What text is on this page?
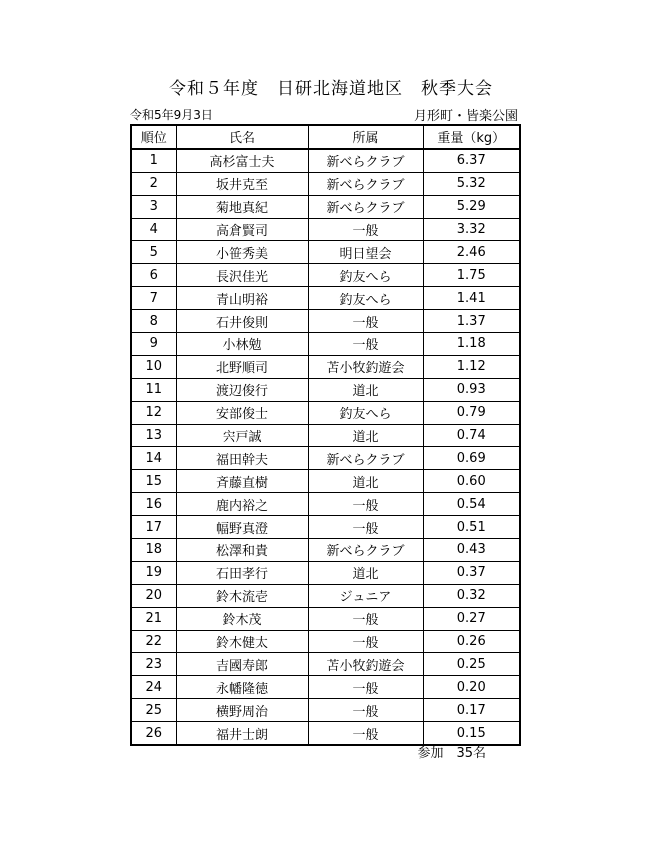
令和５年度　日研北海道地区　秋季大会
令和5年9月3日	月形町・皆楽公園
順位	氏名	所属	重量（kg）
1	高杉富士夫	新べらクラブ	6.37
2	坂井克至	新べらクラブ	5.32
3	菊地真紀	新べらクラブ	5.29
4	高倉賢司	一般	3.32
5	小笹秀美	明日望会	2.46
6	長沢佳光	釣友へら	1.75
7	青山明裕	釣友へら	1.41
8	石井俊則	一般	1.37
9	小林勉	一般	1.18
10	北野順司	苫小牧釣遊会	1.12
11	渡辺俊行	道北	0.93
12	安部俊士	釣友へら	0.79
13	宍戸誠	道北	0.74
14	福田幹夫	新べらクラブ	0.69
15	斉藤直樹	道北	0.60
16	鹿内裕之	一般	0.54
17	幅野真澄	一般	0.51
18	松澤和貴	新べらクラブ	0.43
19	石田孝行	道北	0.37
20	鈴木流壱	ジュニア	0.32
21	鈴木茂	一般	0.27
22	鈴木健太	一般	0.26
23	吉國寿郎	苫小牧釣遊会	0.25
24	永幡隆徳	一般	0.20
25	横野周治	一般	0.17
26	福井士朗	一般	0.15
参加　35名
